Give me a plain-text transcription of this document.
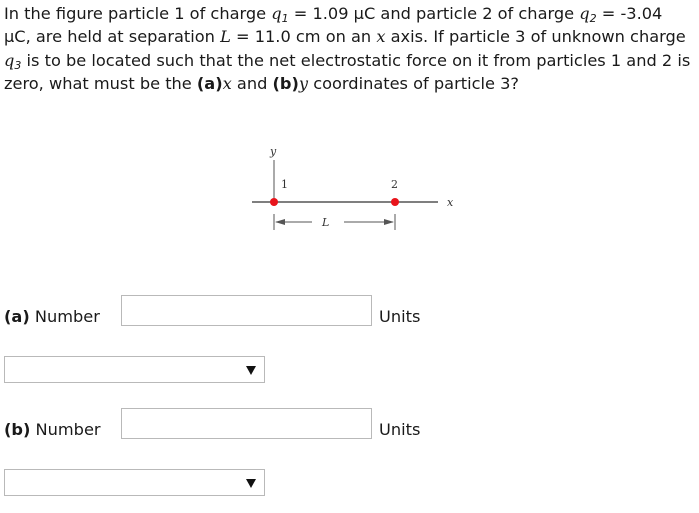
In the figure particle 1 of charge $q_1 = 1.09$ μC and particle 2 of charge $q_2 = -3.04$ μC, are held at separation L = 11.0 cm on an x axis. If particle 3 of unknown charge $q_3$ is to be located such that the net electrostatic force on it from particles 1 and 2 is zero, what must be the (a)x and (b)y coordinates of particle 3?

y
x
1	2
L
(a) Number	Units
(b) Number	Units
